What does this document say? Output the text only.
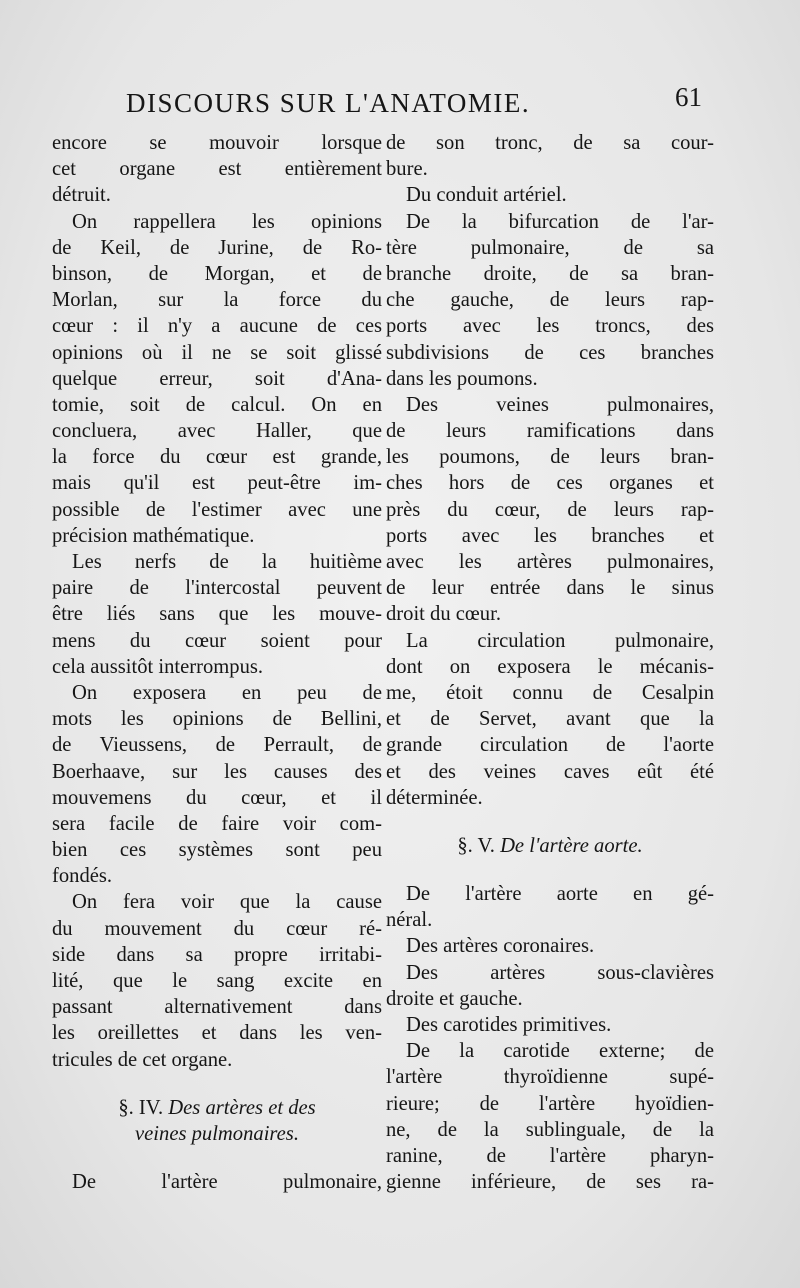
DISCOURS SUR L'ANATOMIE.	61
encore se mouvoir lorsque
cet organe est entièrement
détruit.
On rappellera les opinions
de Keil, de Jurine, de Ro-
binson, de Morgan, et de
Morlan, sur la force du
cœur : il n'y a aucune de ces
opinions où il ne se soit glissé
quelque erreur, soit d'Ana-
tomie, soit de calcul. On en
concluera, avec Haller, que
la force du cœur est grande,
mais qu'il est peut-être im-
possible de l'estimer avec une
précision mathématique.
Les nerfs de la huitième
paire de l'intercostal peuvent
être liés sans que les mouve-
mens du cœur soient pour
cela aussitôt interrompus.
On exposera en peu de
mots les opinions de Bellini,
de Vieussens, de Perrault, de
Boerhaave, sur les causes des
mouvemens du cœur, et il
sera facile de faire voir com-
bien ces systèmes sont peu
fondés.
On fera voir que la cause
du mouvement du cœur ré-
side dans sa propre irritabi-
lité, que le sang excite en
passant alternativement dans
les oreillettes et dans les ven-
tricules de cet organe.
§. IV. Des artères et des
veines pulmonaires.
De l'artère pulmonaire,
de son tronc, de sa cour-
bure.
Du conduit artériel.
De la bifurcation de l'ar-
tère pulmonaire, de sa
branche droite, de sa bran-
che gauche, de leurs rap-
ports avec les troncs, des
subdivisions de ces branches
dans les poumons.
Des veines pulmonaires,
de leurs ramifications dans
les poumons, de leurs bran-
ches hors de ces organes et
près du cœur, de leurs rap-
ports avec les branches et
avec les artères pulmonaires,
de leur entrée dans le sinus
droit du cœur.
La circulation pulmonaire,
dont on exposera le mécanis-
me, étoit connu de Cesalpin
et de Servet, avant que la
grande circulation de l'aorte
et des veines caves eût été
déterminée.
§. V. De l'artère aorte.
De l'artère aorte en gé-
néral.
Des artères coronaires.
Des artères sous-clavières
droite et gauche.
Des carotides primitives.
De la carotide externe; de
l'artère thyroïdienne supé-
rieure; de l'artère hyoïdien-
ne, de la sublinguale, de la
ranine, de l'artère pharyn-
gienne inférieure, de ses ra-
